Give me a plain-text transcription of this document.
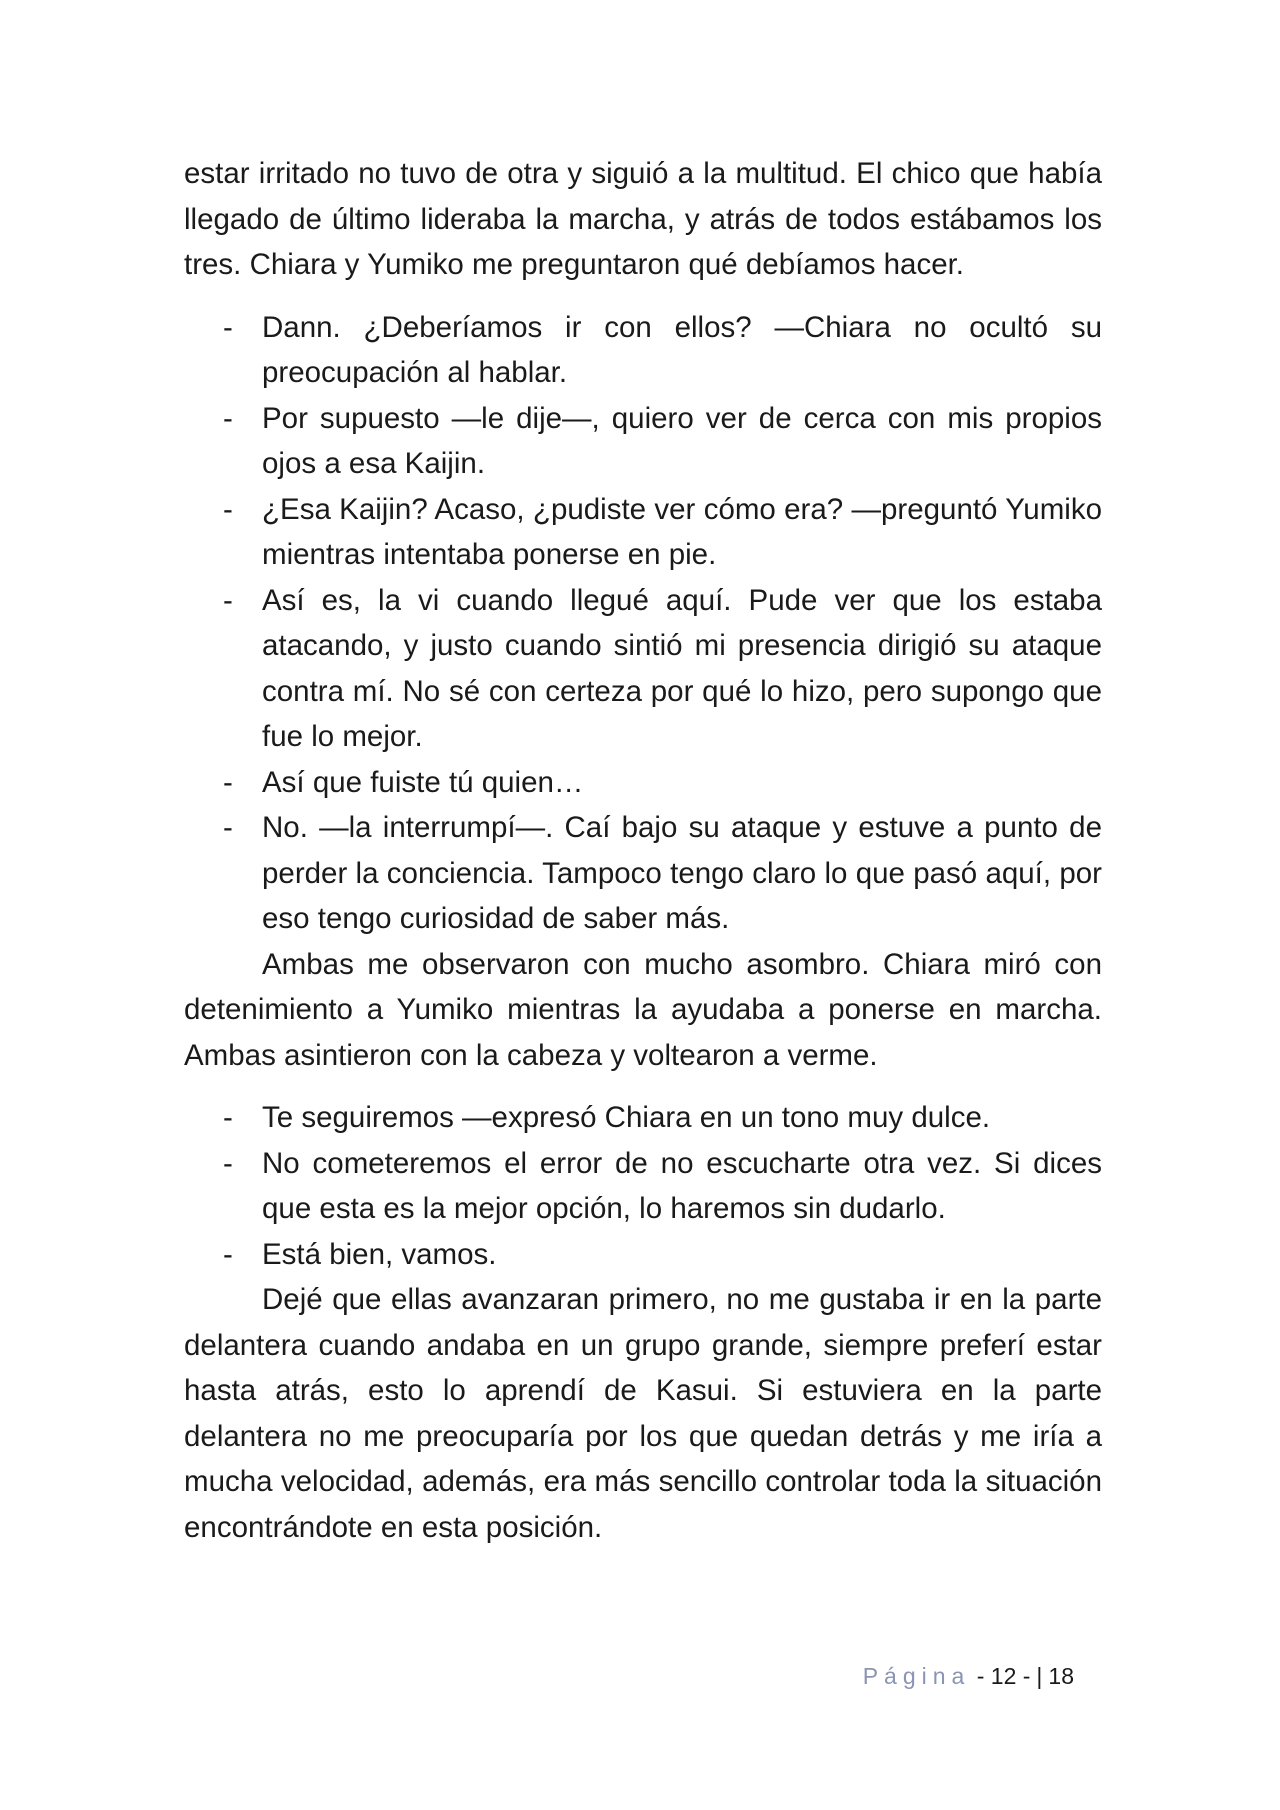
estar irritado no tuvo de otra y siguió a la multitud. El chico que había llegado de último lideraba la marcha, y atrás de todos estábamos los tres. Chiara y Yumiko me preguntaron qué debíamos hacer.

- Dann. ¿Deberíamos ir con ellos? —Chiara no ocultó su preocupación al hablar.
- Por supuesto —le dije—, quiero ver de cerca con mis propios ojos a esa Kaijin.
- ¿Esa Kaijin? Acaso, ¿pudiste ver cómo era? —preguntó Yumiko mientras intentaba ponerse en pie.
- Así es, la vi cuando llegué aquí. Pude ver que los estaba atacando, y justo cuando sintió mi presencia dirigió su ataque contra mí. No sé con certeza por qué lo hizo, pero supongo que fue lo mejor.
- Así que fuiste tú quien…
- No. —la interrumpí—. Caí bajo su ataque y estuve a punto de perder la conciencia. Tampoco tengo claro lo que pasó aquí, por eso tengo curiosidad de saber más.

Ambas me observaron con mucho asombro. Chiara miró con detenimiento a Yumiko mientras la ayudaba a ponerse en marcha. Ambas asintieron con la cabeza y voltearon a verme.

- Te seguiremos —expresó Chiara en un tono muy dulce.
- No cometeremos el error de no escucharte otra vez. Si dices que esta es la mejor opción, lo haremos sin dudarlo.
- Está bien, vamos.

Dejé que ellas avanzaran primero, no me gustaba ir en la parte delantera cuando andaba en un grupo grande, siempre preferí estar hasta atrás, esto lo aprendí de Kasui. Si estuviera en la parte delantera no me preocuparía por los que quedan detrás y me iría a mucha velocidad, además, era más sencillo controlar toda la situación encontrándote en esta posición.

Página - 12 - | 18
